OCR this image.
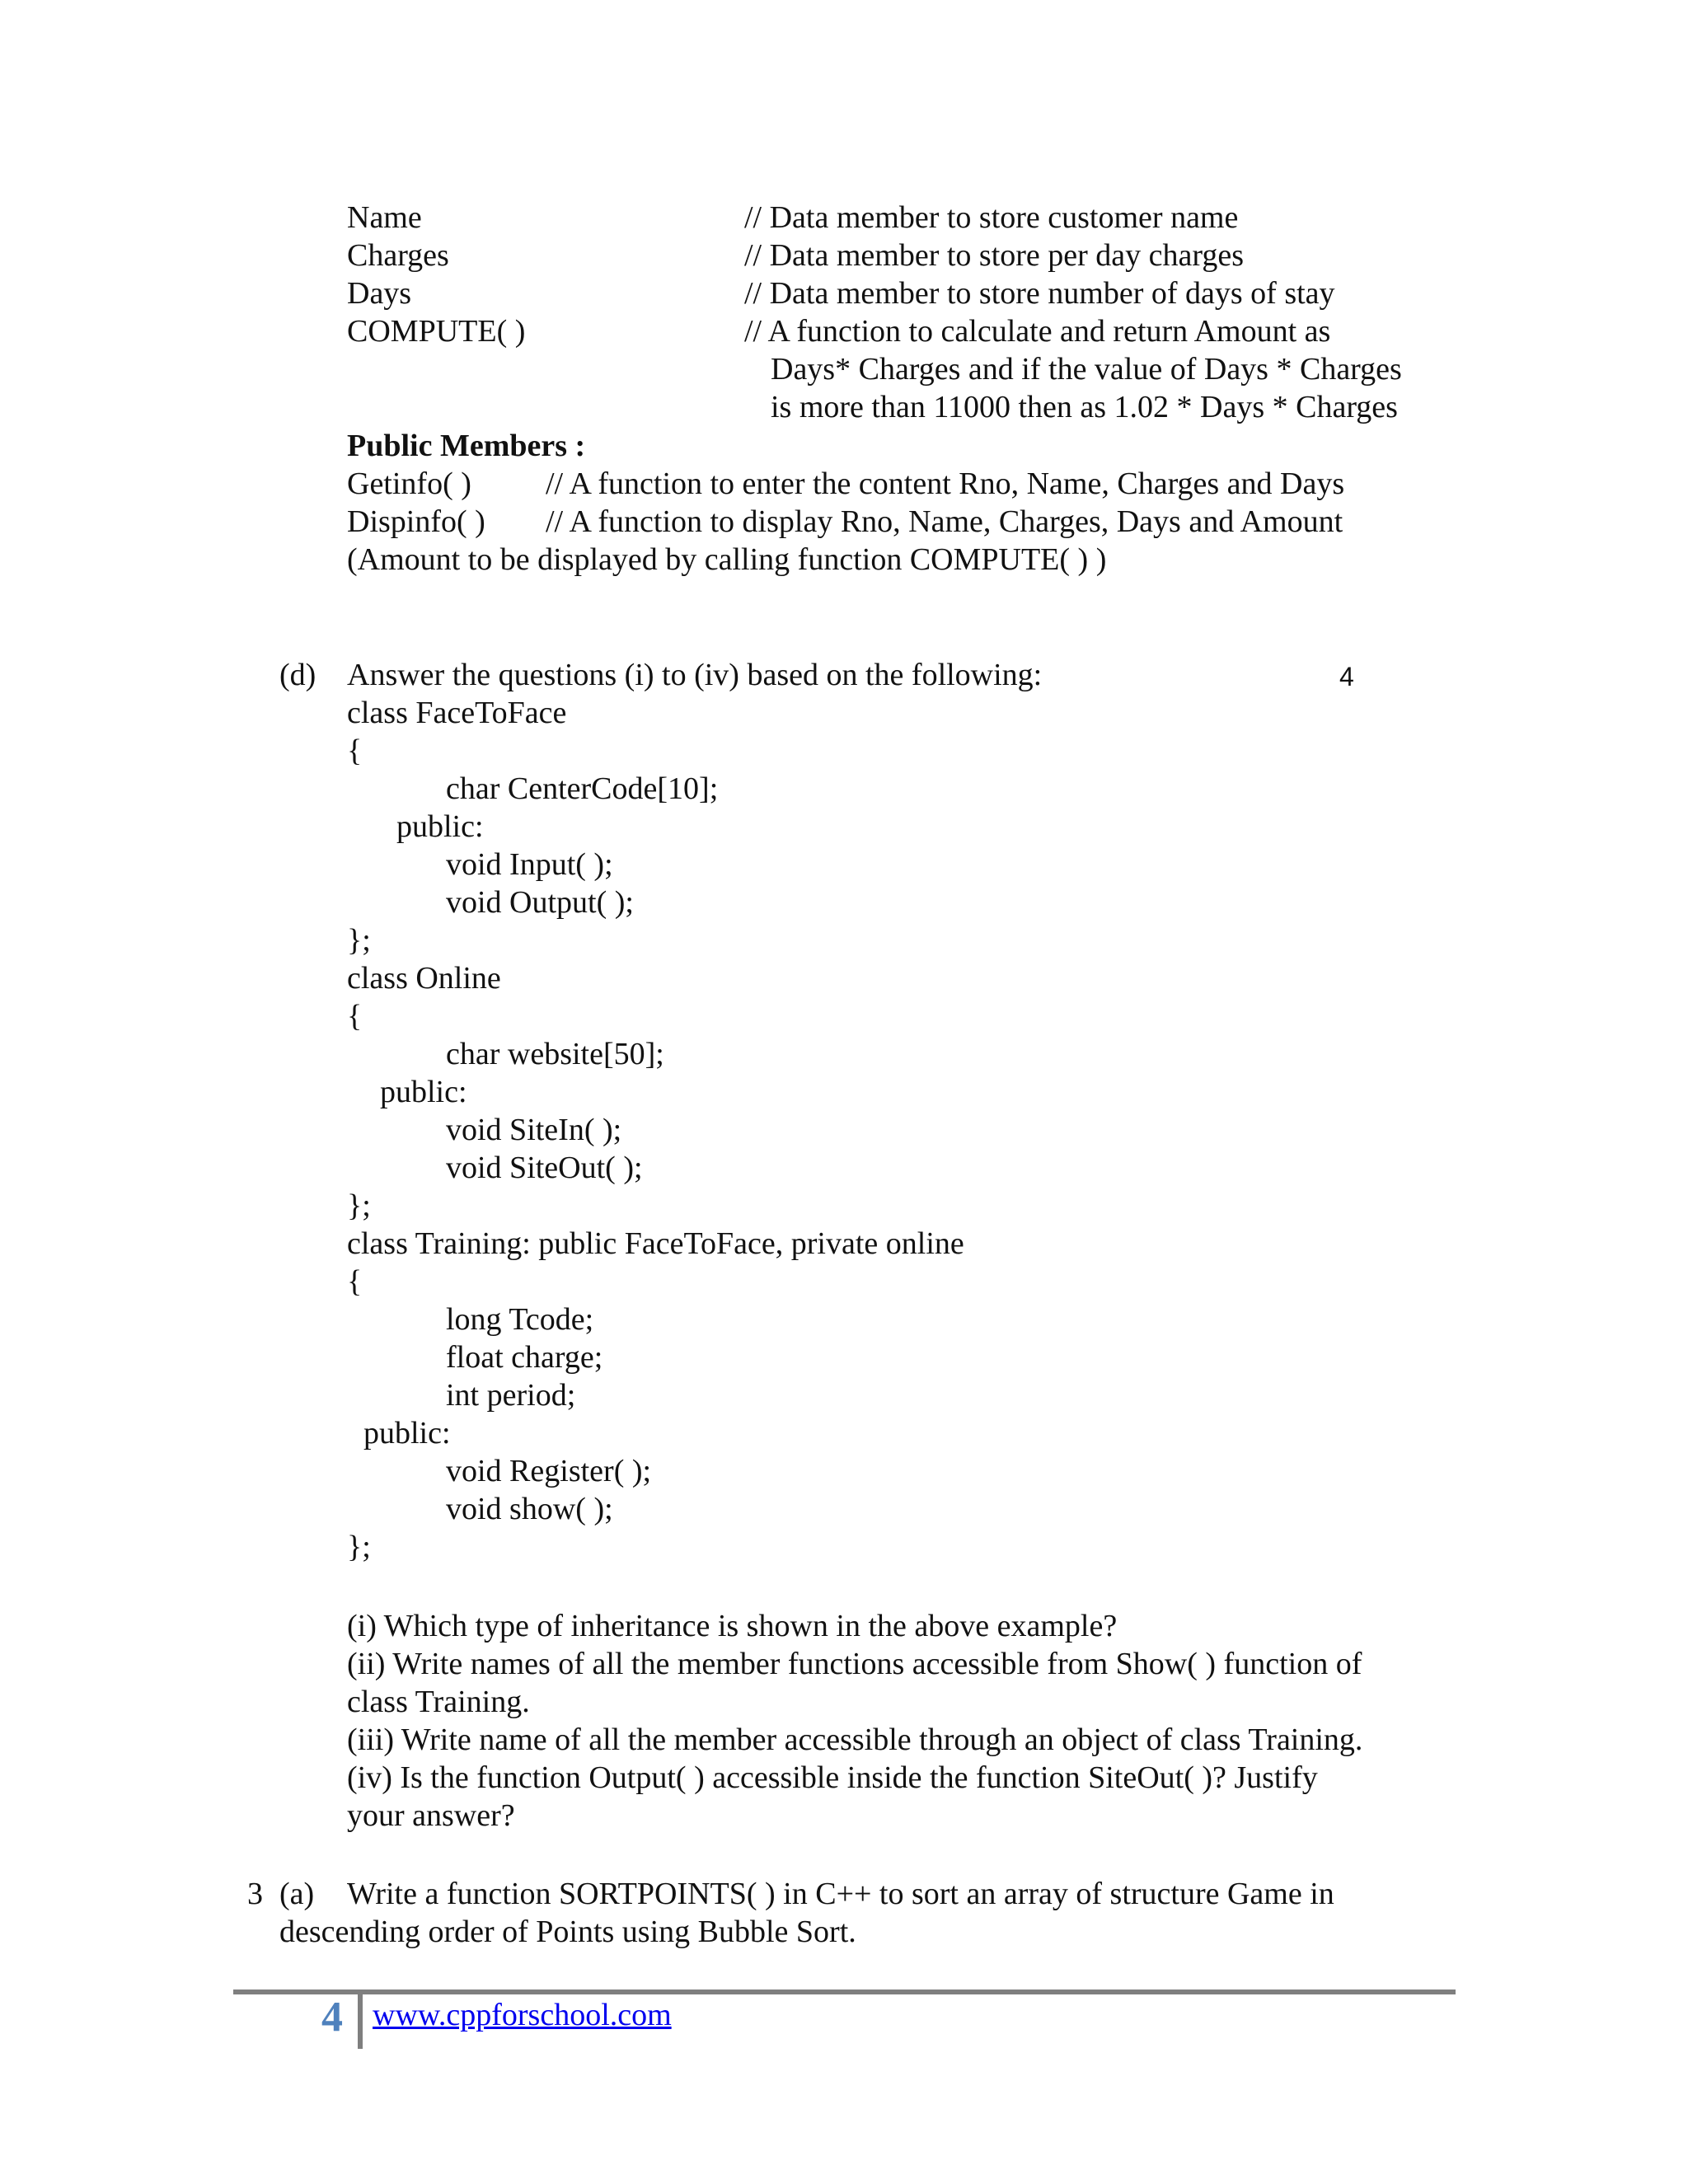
Name	// Data member to store customer name
Charges	// Data member to store per day charges
Days	// Data member to store number of days of stay
COMPUTE( )	// A function to calculate and return Amount as
Days* Charges and if the value of Days * Charges
is more than 11000 then as 1.02 * Days * Charges
Public Members :
Getinfo( ) // A function to enter the content Rno, Name, Charges and Days
Dispinfo( ) // A function to display Rno, Name, Charges, Days and Amount
(Amount to be displayed by calling function COMPUTE( ) )
(d) Answer the questions (i) to (iv) based on the following:	4
class FaceToFace
{
char CenterCode[10];
public:
void Input( );
void Output( );
};
class Online
{
char website[50];
public:
void SiteIn( );
void SiteOut( );
};
class Training: public FaceToFace, private online
{
long Tcode;
float charge;
int period;
public:
void Register( );
void show( );
};
(i) Which type of inheritance is shown in the above example?
(ii) Write names of all the member functions accessible from Show( ) function of
class Training.
(iii) Write name of all the member accessible through an object of class Training.
(iv) Is the function Output( ) accessible inside the function SiteOut( )? Justify
your answer?
3 (a) Write a function SORTPOINTS( ) in C++ to sort an array of structure Game in
descending order of Points using Bubble Sort.
4 www.cppforschool.com
